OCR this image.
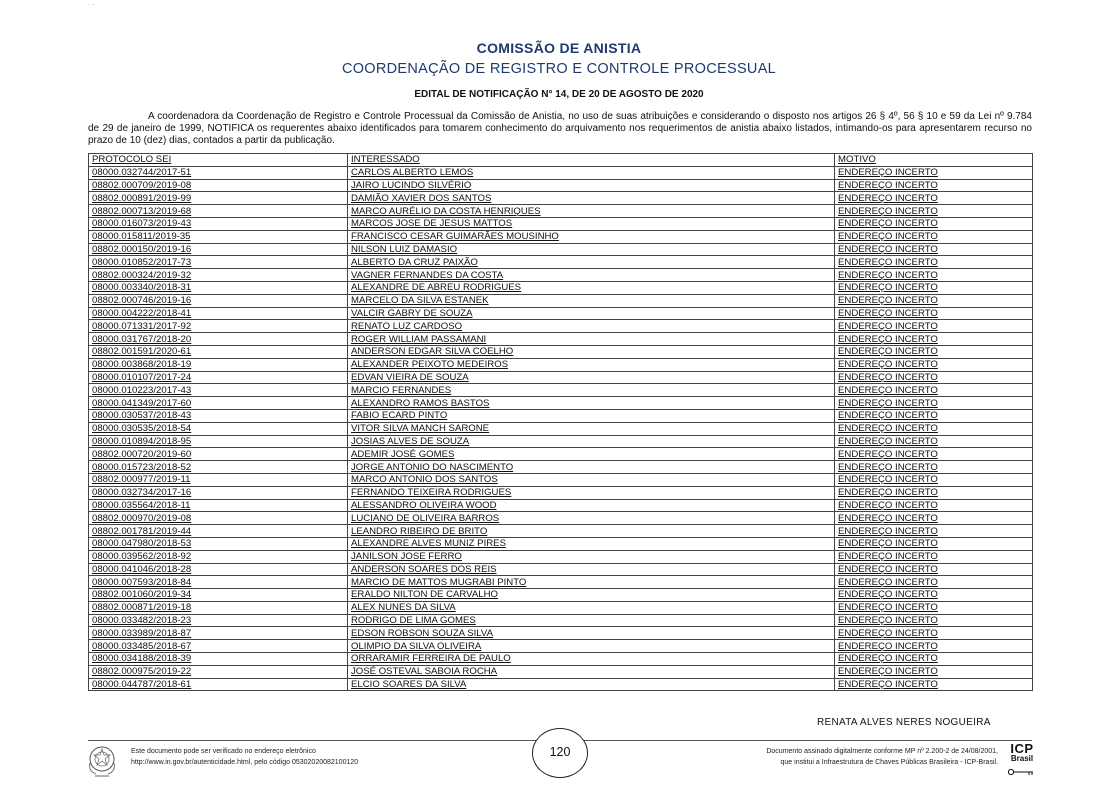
- -
COMISSÃO DE ANISTIA
COORDENAÇÃO DE REGISTRO E CONTROLE PROCESSUAL
EDITAL DE NOTIFICAÇÃO N° 14, DE 20 DE AGOSTO DE 2020
A coordenadora da Coordenação de Registro e Controle Processual da Comissão de Anistia, no uso de suas atribuições e considerando o disposto nos artigos 26 § 4º, 56 § 10 e 59 da Lei nº 9.784 de 29 de janeiro de 1999, NOTIFICA os requerentes abaixo identificados para tomarem conhecimento do arquivamento nos requerimentos de anistia abaixo listados, intimando-os para apresentarem recurso no prazo de 10 (dez) dias, contados a partir da publicação.
PROTOCOLO SEI	INTERESSADO	MOTIVO
08000.032744/2017-51	CARLOS ALBERTO LEMOS	ENDEREÇO INCERTO
08802.000709/2019-08	JAIRO LUCINDO SILVÉRIO	ENDEREÇO INCERTO
08802.000891/2019-99	DAMIÃO XAVIER DOS SANTOS	ENDEREÇO INCERTO
08802.000713/2019-68	MARCO AURÉLIO DA COSTA HENRIQUES	ENDEREÇO INCERTO
08000.016073/2019-43	MARCOS JOSE DE JESUS MATTOS	ENDEREÇO INCERTO
08000.015811/2019-35	FRANCISCO CESAR GUIMARÃES MOUSINHO	ENDEREÇO INCERTO
08802.000150/2019-16	NILSON LUIZ DAMASIO	ENDEREÇO INCERTO
08000.010852/2017-73	ALBERTO DA CRUZ PAIXÃO	ENDEREÇO INCERTO
08802.000324/2019-32	VAGNER FERNANDES DA COSTA	ENDEREÇO INCERTO
08000.003340/2018-31	ALEXANDRE DE ABREU RODRIGUES	ENDEREÇO INCERTO
08802.000746/2019-16	MARCELO DA SILVA ESTANEK	ENDEREÇO INCERTO
08000.004222/2018-41	VALCIR GABRY DE SOUZA	ENDEREÇO INCERTO
08000.071331/2017-92	RENATO LUZ CARDOSO	ENDEREÇO INCERTO
08000.031767/2018-20	ROGER WILLIAM PASSAMANI	ENDEREÇO INCERTO
08802.001591/2020-61	ANDERSON EDGAR SILVA COELHO	ENDEREÇO INCERTO
08000.003868/2018-19	ALEXANDER PEIXOTO MEDEIROS	ENDEREÇO INCERTO
08000.010107/2017-24	EDVAN VIEIRA DE SOUZA	ENDEREÇO INCERTO
08000.010223/2017-43	MARCIO FERNANDES	ENDEREÇO INCERTO
08000.041349/2017-60	ALEXANDRO RAMOS BASTOS	ENDEREÇO INCERTO
08000.030537/2018-43	FABIO ECARD PINTO	ENDEREÇO INCERTO
08000.030535/2018-54	VITOR SILVA MANCH SARONE	ENDEREÇO INCERTO
08000.010894/2018-95	JOSIAS ALVES DE SOUZA	ENDEREÇO INCERTO
08802.000720/2019-60	ADEMIR JOSÉ GOMES	ENDEREÇO INCERTO
08000.015723/2018-52	JORGE ANTONIO DO NASCIMENTO	ENDEREÇO INCERTO
08802.000977/2019-11	MARCO ANTONIO DOS SANTOS	ENDEREÇO INCERTO
08000.032734/2017-16	FERNANDO TEIXEIRA RODRIGUES	ENDEREÇO INCERTO
08000.035564/2018-11	ALESSANDRO OLIVEIRA WOOD	ENDEREÇO INCERTO
08802.000970/2019-08	LUCIANO DE OLIVEIRA BARROS	ENDEREÇO INCERTO
08802.001781/2019-44	LEANDRO RIBEIRO DE BRITO	ENDEREÇO INCERTO
08000.047980/2018-53	ALEXANDRE ALVES MUNIZ PIRES	ENDEREÇO INCERTO
08000.039562/2018-92	JANILSON JOSE FERRO	ENDEREÇO INCERTO
08000.041046/2018-28	ANDERSON SOARES DOS REIS	ENDEREÇO INCERTO
08000.007593/2018-84	MARCIO DE MATTOS MUGRABI PINTO	ENDEREÇO INCERTO
08802.001060/2019-34	ERALDO NILTON DE CARVALHO	ENDEREÇO INCERTO
08802.000871/2019-18	ALEX NUNES DA SILVA	ENDEREÇO INCERTO
08000.033482/2018-23	RODRIGO DE LIMA GOMES	ENDEREÇO INCERTO
08000.033989/2018-87	EDSON ROBSON SOUZA SILVA	ENDEREÇO INCERTO
08000.033485/2018-67	OLIMPIO DA SILVA OLIVEIRA	ENDEREÇO INCERTO
08000.034188/2018-39	ORRARAMIR FERREIRA DE PAULO	ENDEREÇO INCERTO
08802.000975/2019-22	JOSÉ OSTEVAL SABOIA ROCHA	ENDEREÇO INCERTO
08000.044787/2018-61	ELCIO SOARES DA SILVA	ENDEREÇO INCERTO
RENATA ALVES NERES NOGUEIRA
Este documento pode ser verificado no endereço eletrônico
http://www.in.gov.br/autenticidade.html, pelo código 05302020082100120
120	Documento assinado digitalmente conforme MP nº 2.200-2 de 24/08/2001,
que institui a Infraestrutura de Chaves Públicas Brasileira - ICP-Brasil.
ICP
Brasil
